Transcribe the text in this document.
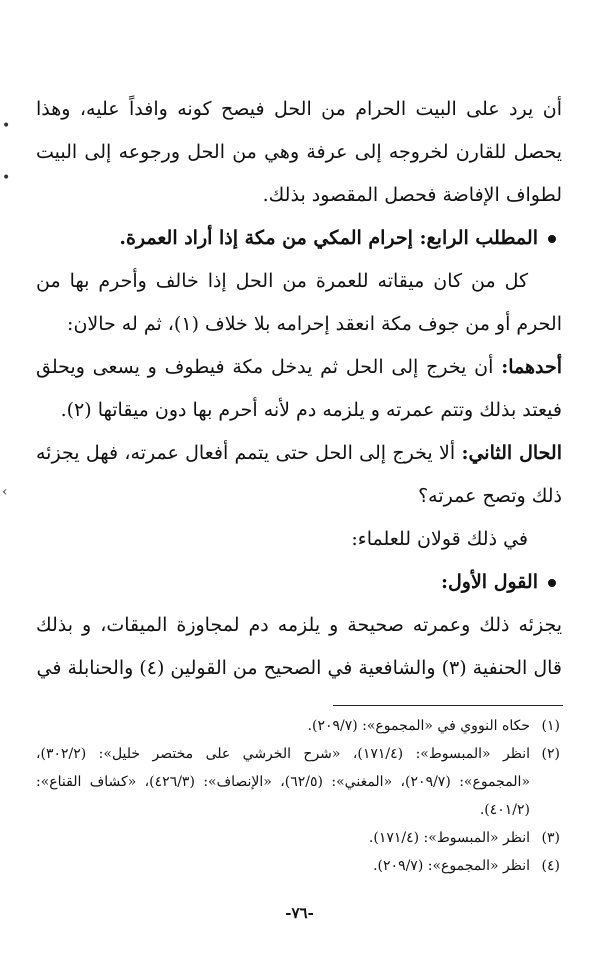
أن يرد على البيت الحرام من الحل فيصح كونه وافداً عليه، وهذا يحصل للقارن لخروجه إلى عرفة وهي من الحل ورجوعه إلى البيت لطواف الإفاضة فحصل المقصود بذلك.

المطلب الرابع: إحرام المكي من مكة إذا أراد العمرة.

كل من كان ميقاته للعمرة من الحل إذا خالف وأحرم بها من الحرم أو من جوف مكة انعقد إحرامه بلا خلاف (١)، ثم له حالان:

أحدهما: أن يخرج إلى الحل ثم يدخل مكة فيطوف و يسعى ويحلق فيعتد بذلك وتتم عمرته و يلزمه دم لأنه أحرم بها دون ميقاتها (٢).

الحال الثاني: ألا يخرج إلى الحل حتى يتمم أفعال عمرته، فهل يجزئه ذلك وتصح عمرته؟

في ذلك قولان للعلماء:

القول الأول:

يجزئه ذلك وعمرته صحيحة و يلزمه دم لمجاوزة الميقات، و بذلك قال الحنفية (٣) والشافعية في الصحيح من القولين (٤) والحنابلة في

(١)
حكاه النووي في «المجموع»: (٢٠٩/٧).
(٢)
انظر «المبسوط»: (١٧١/٤)، «شرح الخرشي على مختصر خليل»: (٣٠٢/٢)، «المجموع»: (٢٠٩/٧)، «المغني»: (٦٢/٥)، «الإنصاف»: (٤٢٦/٣)، «كشاف القناع»: (٤٠١/٢).
(٣)
انظر «المبسوط»: (١٧١/٤).
(٤)
انظر «المجموع»: (٢٠٩/٧).
-٧٦-
•
•
‹
